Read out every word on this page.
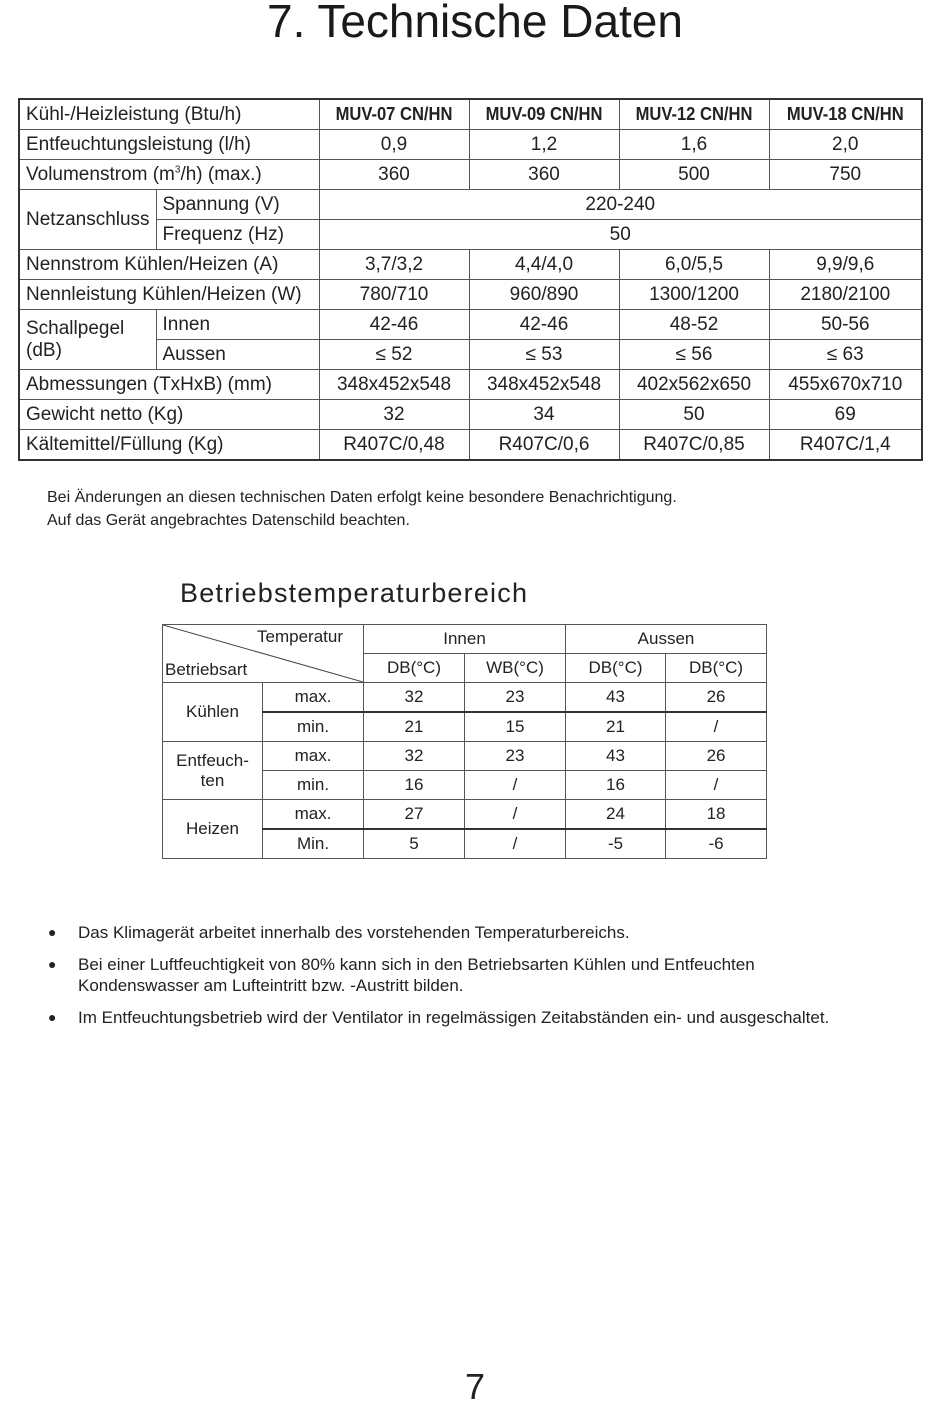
7. Technische Daten
Kühl-/Heizleistung (Btu/h)		MUV-07 CN/HN	MUV-09 CN/HN	MUV-12 CN/HN	MUV-18 CN/HN
Entfeuchtungsleistung (l/h)		0,9	1,2	1,6	2,0
Volumenstrom $(m^3/h)$ (max.)		360	360	500	750
Netzanschluss	Spannung (V)	220-240			
	Frequenz (Hz)	50			
Nennstrom Kühlen/Heizen (A)		3,7/3,2	4,4/4,0	6,0/5,5	9,9/9,6
Nennleistung Kühlen/Heizen (W)		780/710	960/890	1300/1200	2180/2100
Schallpegel
(dB)	Innen	42-46	42-46	48-52	50-56
	Aussen	≤ 52	≤ 53	≤ 56	≤ 63
Abmessungen (TxHxB) (mm)		348x452x548	348x452x548	402x562x650	455x670x710
Gewicht netto (Kg)		32	34	50	69
Kältemittel/Füllung (Kg)		R407C/0,48	R407C/0,6	R407C/0,85	R407C/1,4
Bei Änderungen an diesen technischen Daten erfolgt keine besondere Benachrichtigung.
Auf das Gerät angebrachtes Datenschild beachten.
Betriebstemperaturbereich
Temperatur
Betriebsart		Innen		Aussen	
		DB(°C)	WB(°C)	DB(°C)	DB(°C)
Kühlen	max.	32	23	43	26
	min.	21	15	21	/
Entfeuch-
ten	max.	32	23	43	26
	min.	16	/	16	/
Heizen	max.	27	/	24	18
	Min.	5	/	-5	-6
●	Das Klimagerät arbeitet innerhalb des vorstehenden Temperaturbereichs.
●	Bei einer Luftfeuchtigkeit von 80% kann sich in den Betriebsarten Kühlen und Entfeuchten
Kondenswasser am Lufteintritt bzw. -Austritt bilden.
●	Im Entfeuchtungsbetrieb wird der Ventilator in regelmässigen Zeitabständen ein- und ausgeschaltet.
7
